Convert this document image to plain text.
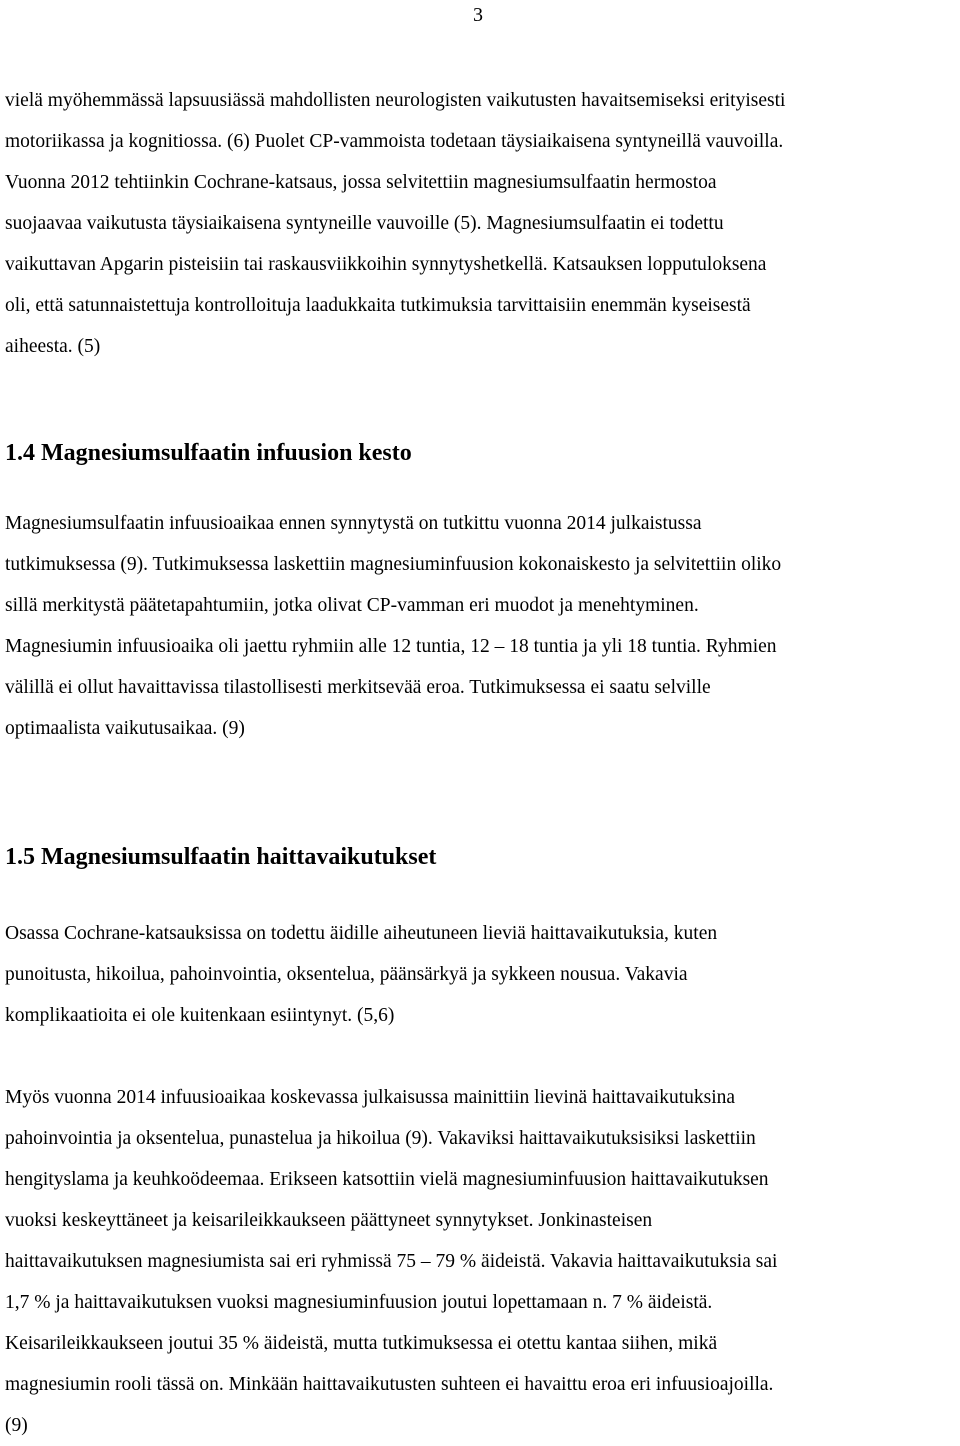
3
vielä myöhemmässä lapsuusiässä mahdollisten neurologisten vaikutusten havaitsemiseksi erityisesti
motoriikassa ja kognitiossa. (6) Puolet CP-vammoista todetaan täysiaikaisena syntyneillä vauvoilla.
Vuonna 2012 tehtiinkin Cochrane-katsaus, jossa selvitettiin magnesiumsulfaatin hermostoa
suojaavaa vaikutusta täysiaikaisena syntyneille vauvoille (5). Magnesiumsulfaatin ei todettu
vaikuttavan Apgarin pisteisiin tai raskausviikkoihin synnytyshetkellä. Katsauksen lopputuloksena
oli, että satunnaistettuja kontrolloituja laadukkaita tutkimuksia tarvittaisiin enemmän kyseisestä
aiheesta. (5)
1.4 Magnesiumsulfaatin infuusion kesto
Magnesiumsulfaatin infuusioaikaa ennen synnytystä on tutkittu vuonna 2014 julkaistussa
tutkimuksessa (9). Tutkimuksessa laskettiin magnesiuminfuusion kokonaiskesto ja selvitettiin oliko
sillä merkitystä päätetapahtumiin, jotka olivat CP-vamman eri muodot ja menehtyminen.
Magnesiumin infuusioaika oli jaettu ryhmiin alle 12 tuntia, 12 – 18 tuntia ja yli 18 tuntia. Ryhmien
välillä ei ollut havaittavissa tilastollisesti merkitsevää eroa. Tutkimuksessa ei saatu selville
optimaalista vaikutusaikaa. (9)
1.5 Magnesiumsulfaatin haittavaikutukset
Osassa Cochrane-katsauksissa on todettu äidille aiheutuneen lieviä haittavaikutuksia, kuten
punoitusta, hikoilua, pahoinvointia, oksentelua, päänsärkyä ja sykkeen nousua. Vakavia
komplikaatioita ei ole kuitenkaan esiintynyt. (5,6)
Myös vuonna 2014 infuusioaikaa koskevassa julkaisussa mainittiin lievinä haittavaikutuksina
pahoinvointia ja oksentelua, punastelua ja hikoilua (9). Vakaviksi haittavaikutuksisiksi laskettiin
hengityslama ja keuhkoödeemaa. Erikseen katsottiin vielä magnesiuminfuusion haittavaikutuksen
vuoksi keskeyttäneet ja keisarileikkaukseen päättyneet synnytykset. Jonkinasteisen
haittavaikutuksen magnesiumista sai eri ryhmissä 75 – 79 % äideistä. Vakavia haittavaikutuksia sai
1,7 % ja haittavaikutuksen vuoksi magnesiuminfuusion joutui lopettamaan n. 7 % äideistä.
Keisarileikkaukseen joutui 35 % äideistä, mutta tutkimuksessa ei otettu kantaa siihen, mikä
magnesiumin rooli tässä on. Minkään haittavaikutusten suhteen ei havaittu eroa eri infuusioajoilla.
(9)
